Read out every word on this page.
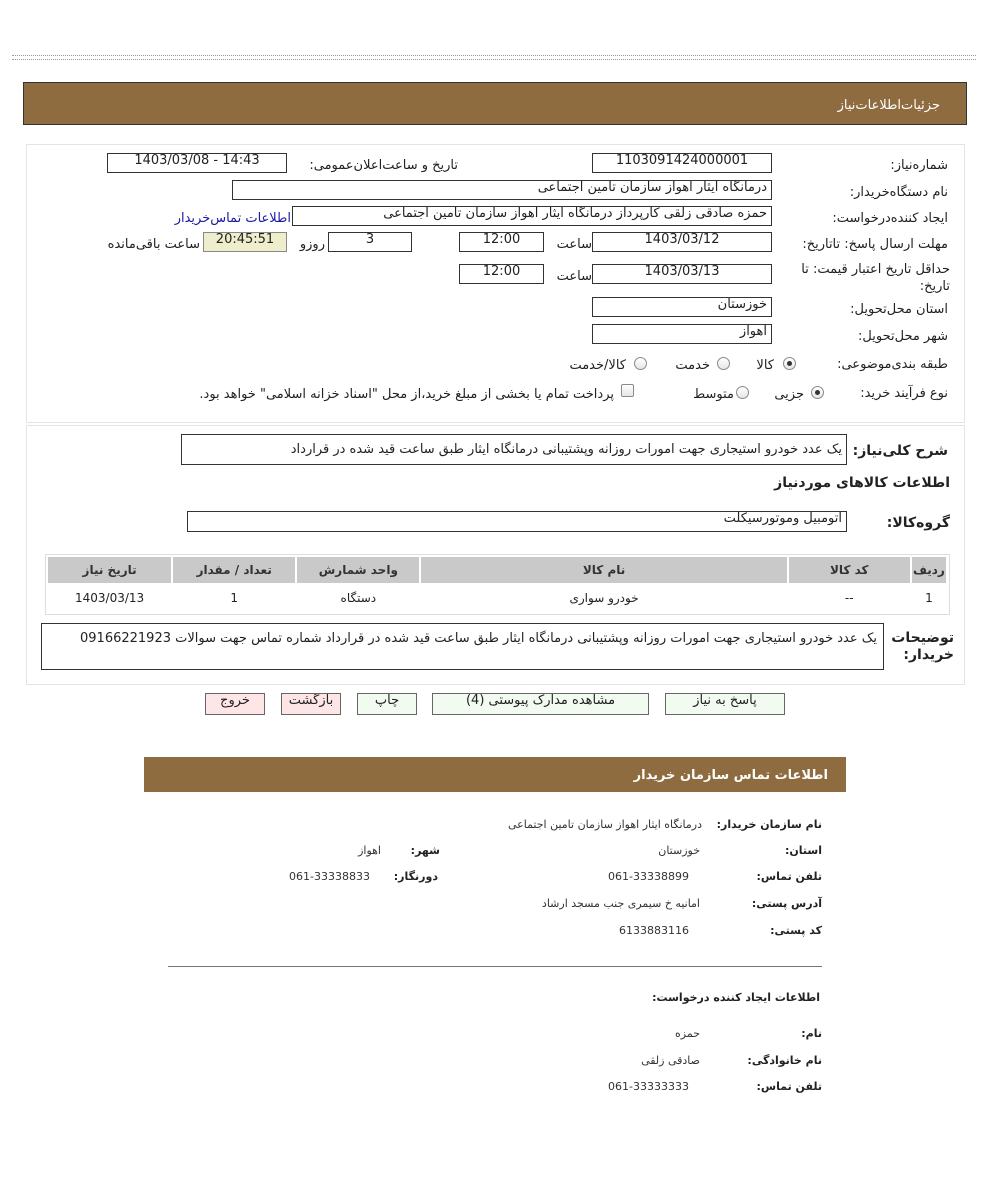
جزئیات‌اطلاعات‌نیاز
شماره‌نیاز:
1103091424000001
تاریخ و ساعت‌اعلان‌عمومی:
1403/03/08 - 14:43
نام دستگاه‌خریدار:
درمانگاه ایثار اهواز سازمان تامین اجتماعی
ایجاد کننده‌درخواست:
حمزه صادقی زلقی کارپرداز درمانگاه ایثار اهواز سازمان تامین اجتماعی
اطلاعات تماس‌خریدار
مهلت ارسال پاسخ: تاتاریخ:
1403/03/12
ساعت
12:00
3
روزو
20:45:51
ساعت باقی‌مانده
حداقل تاریخ اعتبار قیمت: تا تاریخ:
1403/03/13
ساعت
12:00
استان محل‌تحویل:
خوزستان
شهر محل‌تحویل:
اهواز
طبقه بندی‌موضوعی:
کالا
خدمت
کالا/خدمت
نوع فرآیند خرید:
جزیی
متوسط
پرداخت تمام یا بخشی از مبلغ خرید،از محل "اسناد خزانه اسلامی" خواهد بود.
شرح کلی‌نیاز:
یک عدد خودرو استیجاری جهت امورات روزانه وپشتیبانی درمانگاه ایثار طبق ساعت قید شده در قرارداد
اطلاعات کالاهای مورد‌نیاز
گروه‌کالا:
اتومبیل وموتورسیکلت
ردیف	کد کالا	نام کالا	واحد شمارش	تعداد / مقدار	تاریخ نیاز
1	--	خودرو سواری	دستگاه	1	1403/03/13
توضیحات خریدار:
یک عدد خودرو استیجاری جهت امورات روزانه وپشتیبانی درمانگاه ایثار طبق ساعت قید شده در قرارداد شماره تماس جهت سوالات 09166221923
پاسخ به نیاز
مشاهده مدارک پیوستی (4)
چاپ
بازگشت
خروج
اطلاعات تماس سازمان خریدار
نام سازمان خریدار:
درمانگاه ایثار اهواز سازمان تامین اجتماعی
استان:
خوزستان
شهر:
اهواز
تلفن تماس:
061-33338899
دورنگار:
061-33338833
آدرس پستی:
امانیه خ سیمری جنب مسجد ارشاد
کد پستی:
6133883116
اطلاعات ایجاد کننده درخواست:
نام:
حمزه
نام خانوادگی:
صادقی زلقی
تلفن تماس:
061-33333333
